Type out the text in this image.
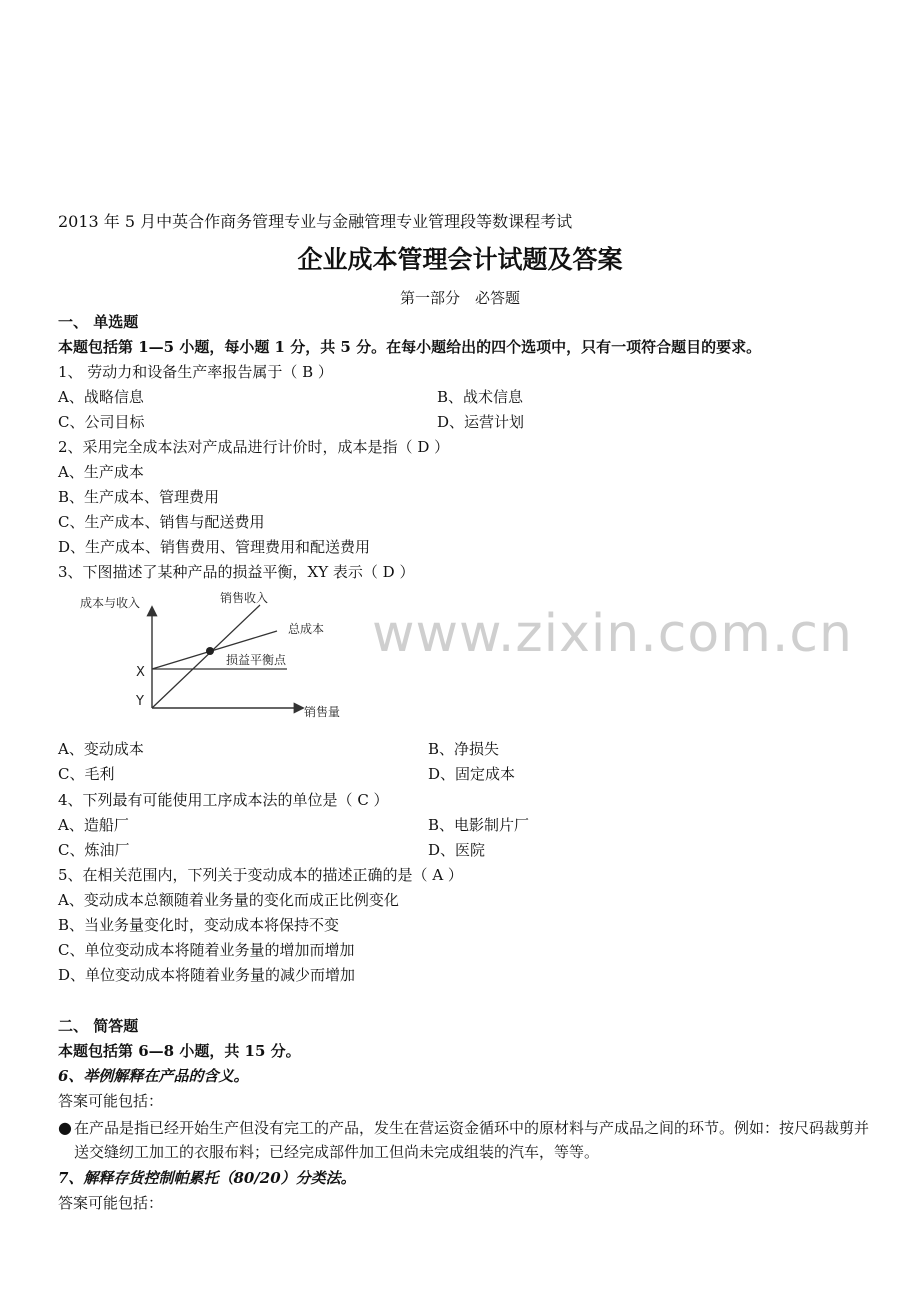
2013 年 5 月中英合作商务管理专业与金融管理专业管理段等数课程考试
企业成本管理会计试题及答案
第一部分　必答题
一、 单选题
本题包括第 1—5 小题，每小题 1 分，共 5 分。在每小题给出的四个选项中，只有一项符合题目的要求。
1、 劳动力和设备生产率报告属于（ B ）
A、战略信息	B、战术信息
C、公司目标	D、运营计划
2、采用完全成本法对产成品进行计价时，成本是指（ D ）
A、生产成本
B、生产成本、管理费用
C、生产成本、销售与配送费用
D、生产成本、销售费用、管理费用和配送费用
3、下图描述了某种产品的损益平衡，XY 表示（ D ）
成本与收入	销售收入
总成本
损益平衡点
销售量
X
Y
www.zixin.com.cn
A、变动成本	B、净损失
C、毛利	D、固定成本
4、下列最有可能使用工序成本法的单位是（ C ）
A、造船厂	B、电影制片厂
C、炼油厂	D、医院
5、在相关范围内，下列关于变动成本的描述正确的是（ A ）
A、变动成本总额随着业务量的变化而成正比例变化
B、当业务量变化时，变动成本将保持不变
C、单位变动成本将随着业务量的增加而增加
D、单位变动成本将随着业务量的减少而增加
二、 简答题
本题包括第 6—8 小题，共 15 分。
6、举例解释在产品的含义。
答案可能包括：
● 在产品是指已经开始生产但没有完工的产品，发生在营运资金循环中的原材料与产成品之间的环节。例如：按尺码裁剪并送交缝纫工加工的衣服布料；已经完成部件加工但尚未完成组装的汽车，等等。
7、解释存货控制帕累托（80/20）分类法。
答案可能包括：
